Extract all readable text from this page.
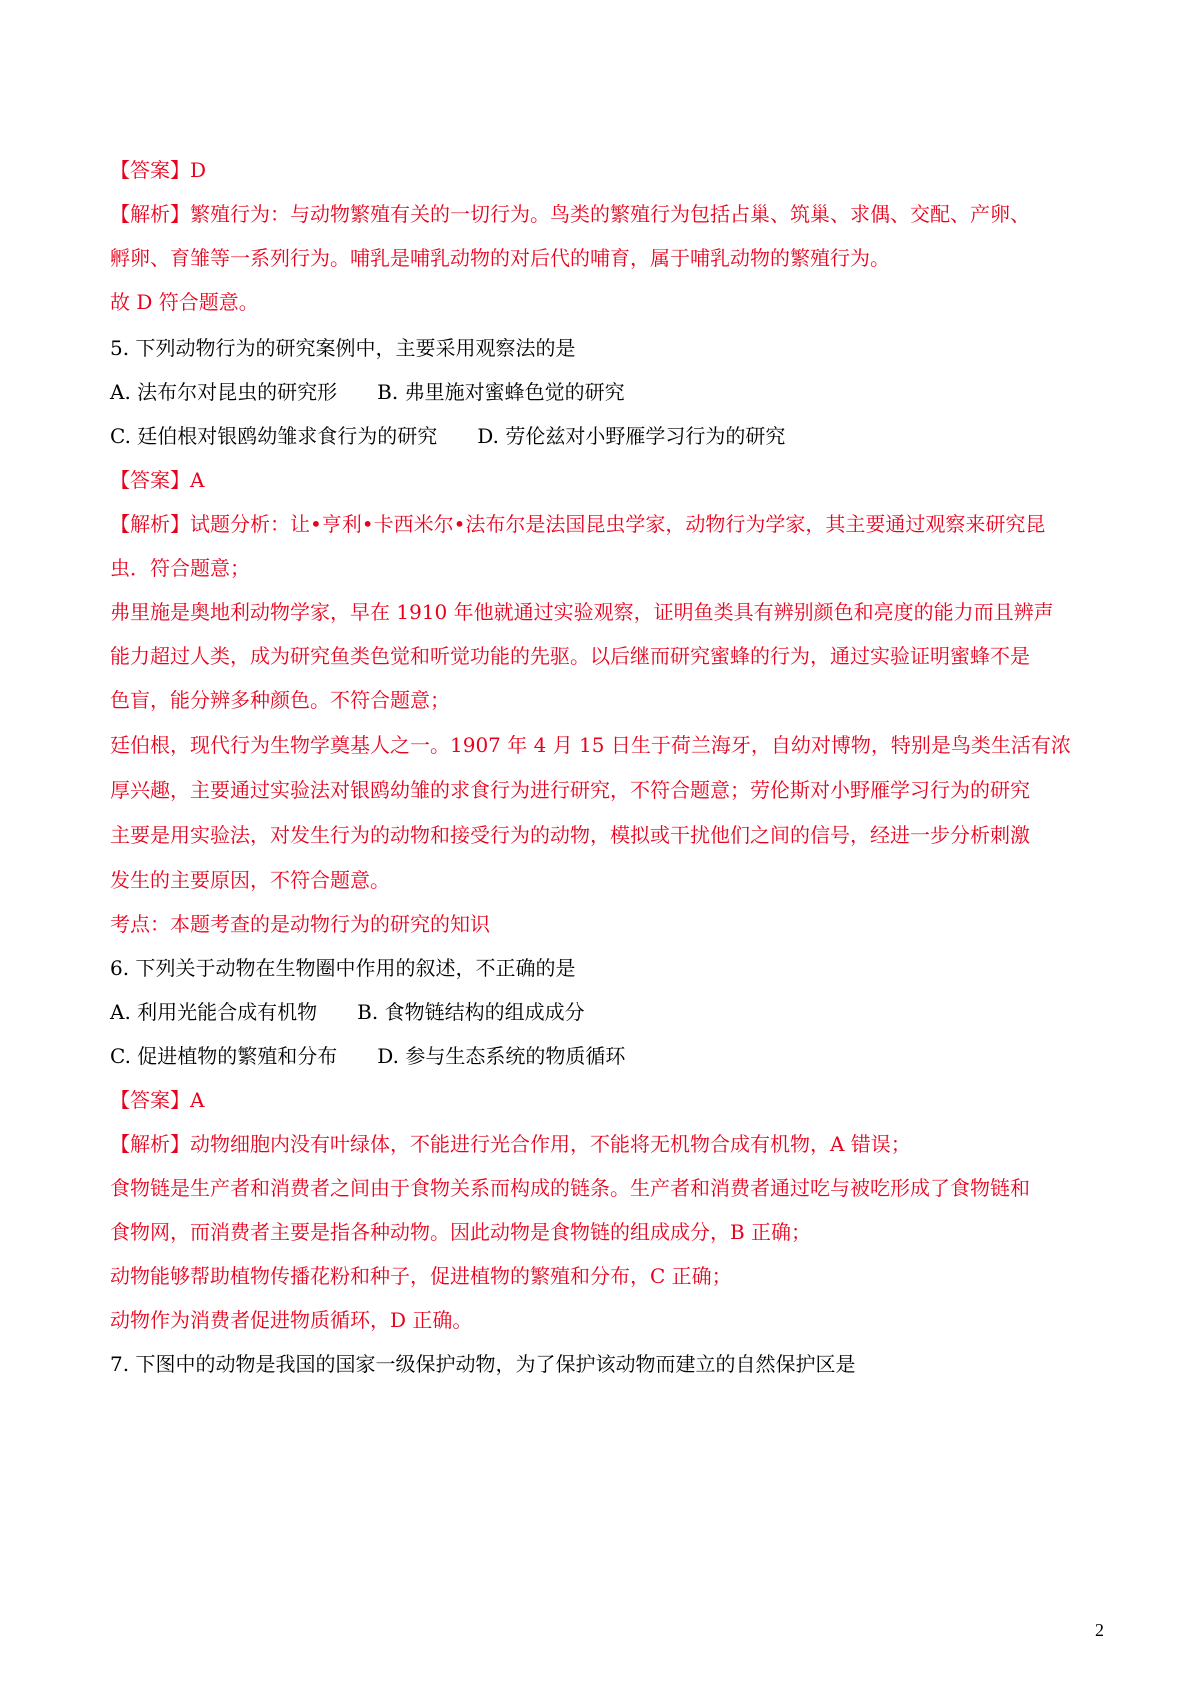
【答案】D
【解析】繁殖行为：与动物繁殖有关的一切行为。鸟类的繁殖行为包括占巢、筑巢、求偶、交配、产卵、
孵卵、育雏等一系列行为。哺乳是哺乳动物的对后代的哺育，属于哺乳动物的繁殖行为。
故 D 符合题意。
5. 下列动物行为的研究案例中，主要采用观察法的是
A. 法布尔对昆虫的研究形　　B. 弗里施对蜜蜂色觉的研究
C. 廷伯根对银鸥幼雏求食行为的研究　　D. 劳伦兹对小野雁学习行为的研究
【答案】A
【解析】试题分析：让•亨利•卡西米尔•法布尔是法国昆虫学家，动物行为学家，其主要通过观察来研究昆
虫．符合题意；
弗里施是奥地利动物学家，早在 1910 年他就通过实验观察，证明鱼类具有辨别颜色和亮度的能力而且辨声
能力超过人类，成为研究鱼类色觉和听觉功能的先驱。以后继而研究蜜蜂的行为，通过实验证明蜜蜂不是
色盲，能分辨多种颜色。不符合题意；
廷伯根，现代行为生物学奠基人之一。1907 年 4 月 15 日生于荷兰海牙，自幼对博物，特别是鸟类生活有浓
厚兴趣，主要通过实验法对银鸥幼雏的求食行为进行研究，不符合题意；劳伦斯对小野雁学习行为的研究
主要是用实验法，对发生行为的动物和接受行为的动物，模拟或干扰他们之间的信号，经进一步分析刺激
发生的主要原因，不符合题意。
考点：本题考查的是动物行为的研究的知识
6. 下列关于动物在生物圈中作用的叙述，不正确的是
A. 利用光能合成有机物　　B. 食物链结构的组成成分
C. 促进植物的繁殖和分布　　D. 参与生态系统的物质循环
【答案】A
【解析】动物细胞内没有叶绿体，不能进行光合作用，不能将无机物合成有机物，A 错误；
食物链是生产者和消费者之间由于食物关系而构成的链条。生产者和消费者通过吃与被吃形成了食物链和
食物网，而消费者主要是指各种动物。因此动物是食物链的组成成分，B 正确；
动物能够帮助植物传播花粉和种子，促进植物的繁殖和分布，C 正确；
动物作为消费者促进物质循环，D 正确。
7. 下图中的动物是我国的国家一级保护动物，为了保护该动物而建立的自然保护区是
2
